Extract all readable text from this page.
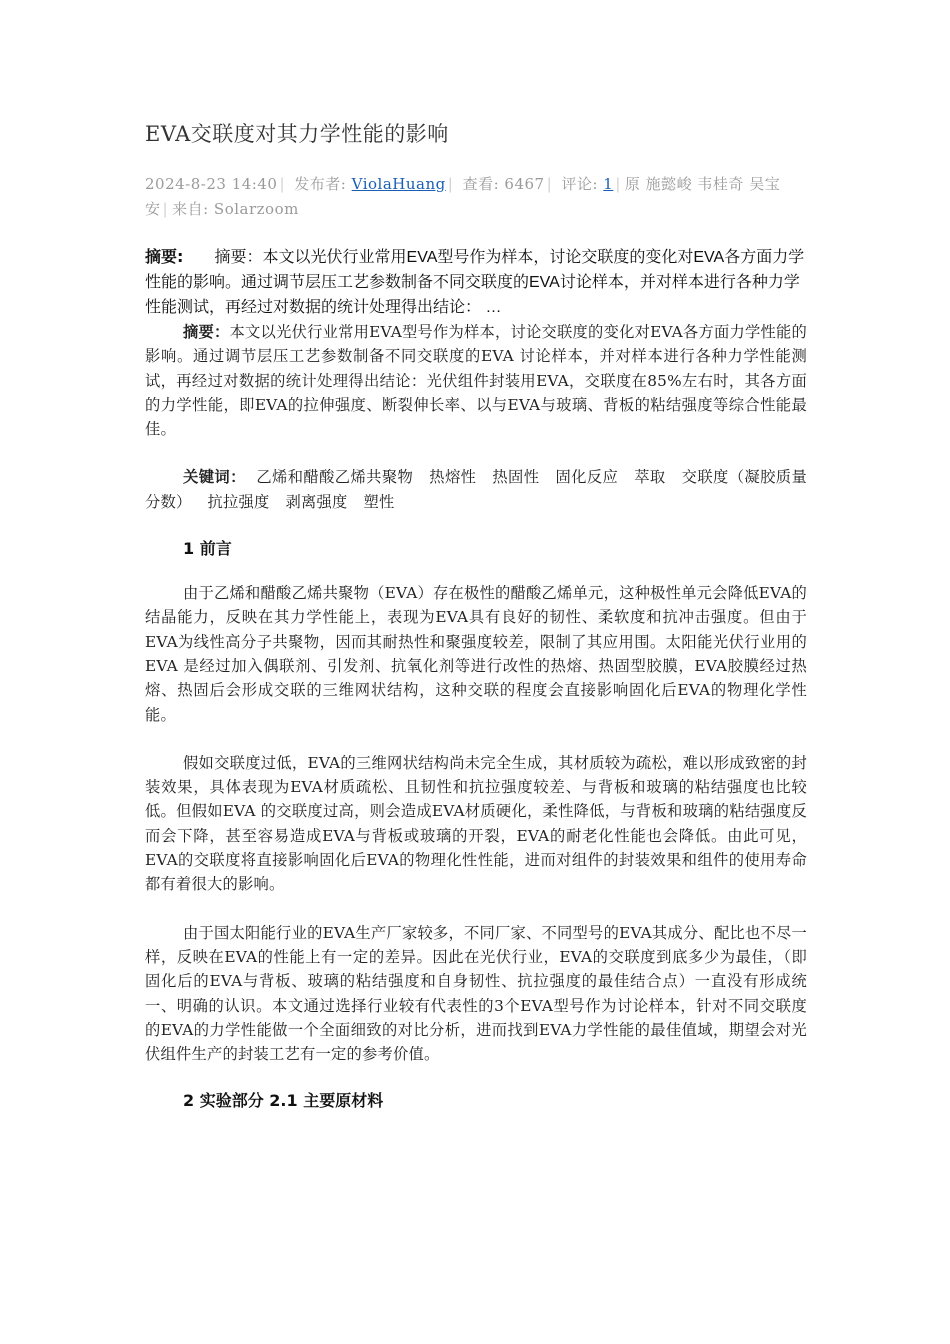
EVA交联度对其力学性能的影响
2024-8-23 14:40 | 发布者: ViolaHuang | 查看: 6467 | 评论: 1 | 原 施懿峻 韦桂奇 吴宝安 | 来自: Solarzoom

摘要: 摘要：本文以光伏行业常用EVA型号作为样本，讨论交联度的变化对EVA各方面力学性能的影响。通过调节层压工艺参数制备不同交联度的EVA讨论样本，并对样本进行各种力学性能测试，再经过对数据的统计处理得出结论： …

摘要：本文以光伏行业常用EVA型号作为样本，讨论交联度的变化对EVA各方面力学性能的影响。通过调节层压工艺参数制备不同交联度的EVA 讨论样本，并对样本进行各种力学性能测试，再经过对数据的统计处理得出结论：光伏组件封装用EVA，交联度在85%左右时，其各方面的力学性能，即EVA的拉伸强度、断裂伸长率、以与EVA与玻璃、背板的粘结强度等综合性能最佳。

关键词： 乙烯和醋酸乙烯共聚物 热熔性 热固性 固化反应 萃取 交联度（凝胶质量分数） 抗拉强度 剥离强度 塑性

1 前言

由于乙烯和醋酸乙烯共聚物（EVA）存在极性的醋酸乙烯单元，这种极性单元会降低EVA的结晶能力，反映在其力学性能上，表现为EVA具有良好的韧性、柔软度和抗冲击强度。但由于EVA为线性高分子共聚物，因而其耐热性和聚强度较差，限制了其应用围。太阳能光伏行业用的EVA 是经过加入偶联剂、引发剂、抗氧化剂等进行改性的热熔、热固型胶膜，EVA胶膜经过热熔、热固后会形成交联的三维网状结构，这种交联的程度会直接影响固化后EVA的物理化学性能。

假如交联度过低，EVA的三维网状结构尚未完全生成，其材质较为疏松，难以形成致密的封装效果，具体表现为EVA材质疏松、且韧性和抗拉强度较差、与背板和玻璃的粘结强度也比较低。但假如EVA 的交联度过高，则会造成EVA材质硬化，柔性降低，与背板和玻璃的粘结强度反而会下降，甚至容易造成EVA与背板或玻璃的开裂，EVA的耐老化性能也会降低。由此可见，EVA的交联度将直接影响固化后EVA的物理化性性能，进而对组件的封装效果和组件的使用寿命都有着很大的影响。

由于国太阳能行业的EVA生产厂家较多，不同厂家、不同型号的EVA其成分、配比也不尽一样，反映在EVA的性能上有一定的差异。因此在光伏行业，EVA的交联度到底多少为最佳，（即固化后的EVA与背板、玻璃的粘结强度和自身韧性、抗拉强度的最佳结合点）一直没有形成统一、明确的认识。本文通过选择行业较有代表性的3个EVA型号作为讨论样本，针对不同交联度的EVA的力学性能做一个全面细致的对比分析，进而找到EVA力学性能的最佳值域，期望会对光伏组件生产的封装工艺有一定的参考价值。

2 实验部分 2.1 主要原材料
